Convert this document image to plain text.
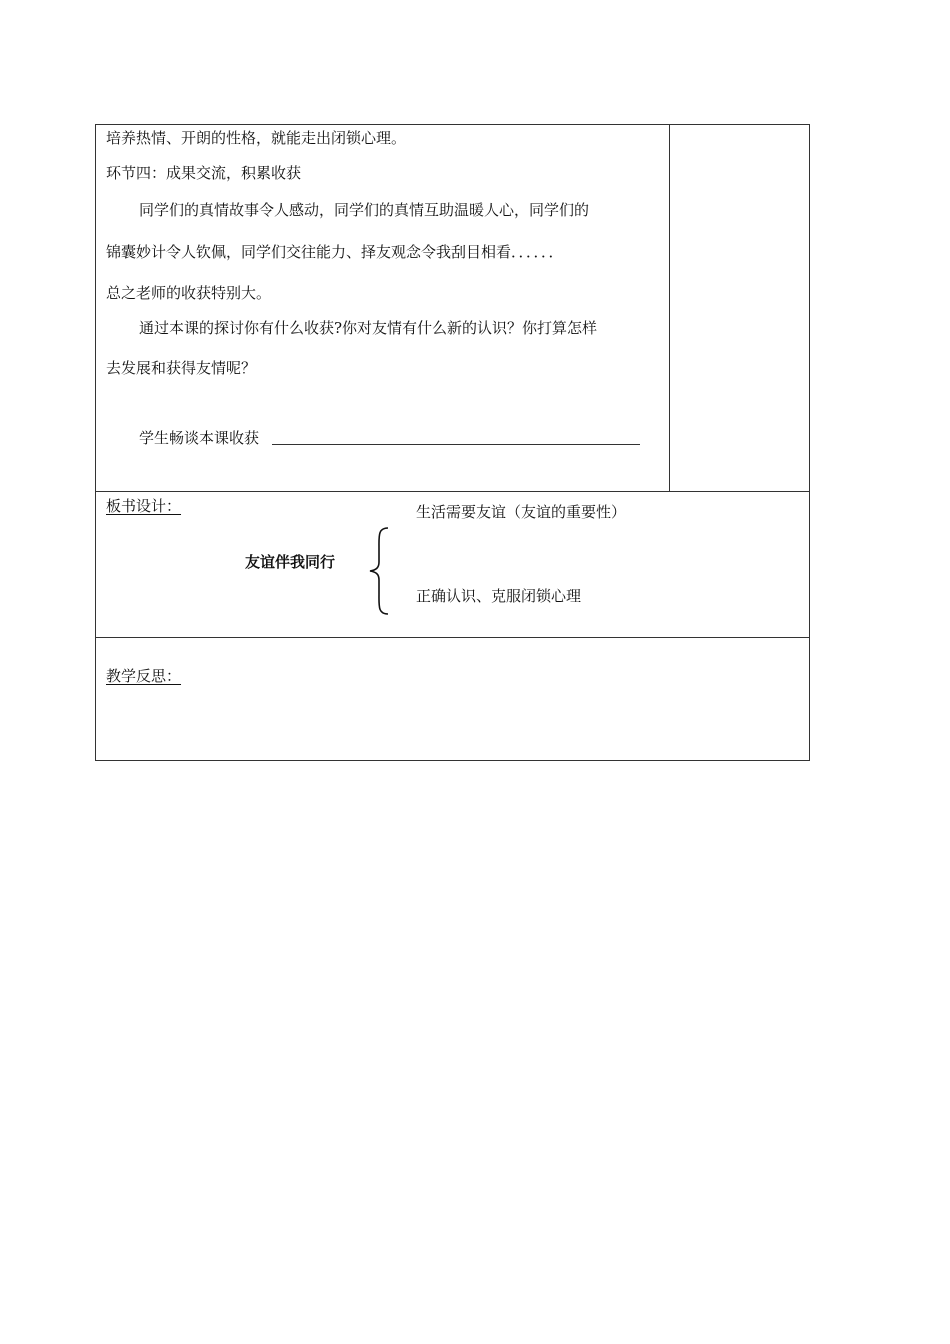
培养热情、开朗的性格，就能走出闭锁心理。
环节四：成果交流，积累收获
同学们的真情故事令人感动，同学们的真情互助温暖人心，同学们的
锦囊妙计令人钦佩，同学们交往能力、择友观念令我刮目相看．．．．．．
总之老师的收获特别大。
通过本课的探讨你有什么收获?你对友情有什么新的认识？你打算怎样
去发展和获得友情呢？
学生畅谈本课收获
板书设计：	生活需要友谊（友谊的重要性）
友谊伴我同行
正确认识、克服闭锁心理
教学反思：
